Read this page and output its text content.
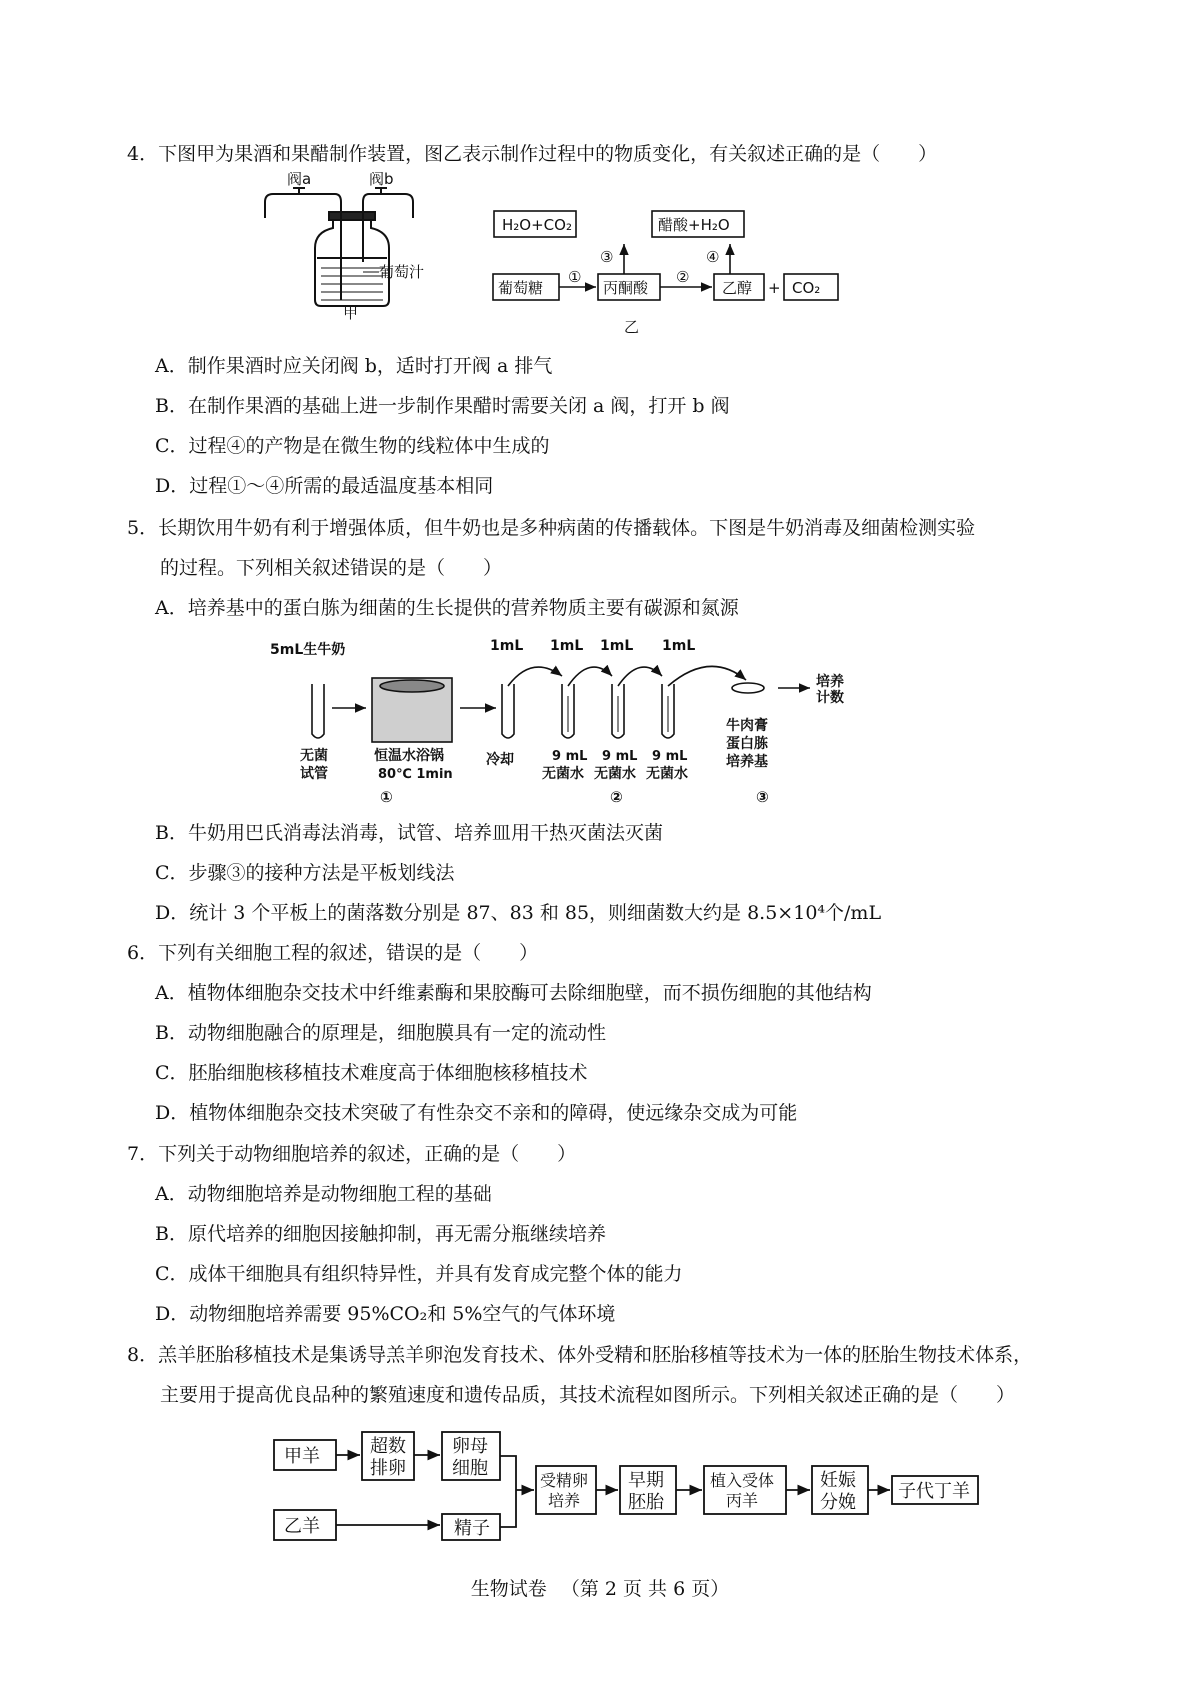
4．下图甲为果酒和果醋制作装置，图乙表示制作过程中的物质变化，有关叙述正确的是（　　）
阀a	阀b
葡萄汁
甲
H₂O+CO₂	醋酸+H₂O
葡萄糖	丙酮酸	乙醇 + CO₂
①	②
③	④
乙
A．制作果酒时应关闭阀 b，适时打开阀 a 排气
B．在制作果酒的基础上进一步制作果醋时需要关闭 a 阀，打开 b 阀
C．过程④的产物是在微生物的线粒体中生成的
D．过程①～④所需的最适温度基本相同
5．长期饮用牛奶有利于增强体质，但牛奶也是多种病菌的传播载体。下图是牛奶消毒及细菌检测实验
的过程。下列相关叙述错误的是（　　）
A．培养基中的蛋白胨为细菌的生长提供的营养物质主要有碳源和氮源
5mL生牛奶
无菌
试管
恒温水浴锅
80℃ 1min
冷却
1mL 1mL 1mL 1mL
9 mL 9 mL 9 mL
无菌水 无菌水 无菌水
牛肉膏
蛋白胨
培养基
培养
计数
①	②	③
B．牛奶用巴氏消毒法消毒，试管、培养皿用干热灭菌法灭菌
C．步骤③的接种方法是平板划线法
D．统计 3 个平板上的菌落数分别是 87、83 和 85，则细菌数大约是 8.5×10⁴个/mL
6．下列有关细胞工程的叙述，错误的是（　　）
A．植物体细胞杂交技术中纤维素酶和果胶酶可去除细胞壁，而不损伤细胞的其他结构
B．动物细胞融合的原理是，细胞膜具有一定的流动性
C．胚胎细胞核移植技术难度高于体细胞核移植技术
D．植物体细胞杂交技术突破了有性杂交不亲和的障碍，使远缘杂交成为可能
7．下列关于动物细胞培养的叙述，正确的是（　　）
A．动物细胞培养是动物细胞工程的基础
B．原代培养的细胞因接触抑制，再无需分瓶继续培养
C．成体干细胞具有组织特异性，并具有发育成完整个体的能力
D．动物细胞培养需要 95%CO₂和 5%空气的气体环境
8．羔羊胚胎移植技术是集诱导羔羊卵泡发育技术、体外受精和胚胎移植等技术为一体的胚胎生物技术体系，
主要用于提高优良品种的繁殖速度和遗传品质，其技术流程如图所示。下列相关叙述正确的是（　　）
甲羊	超数
排卵
卵母
细胞
乙羊	精子
受精卵
培养
早期
胚胎
植入受体
丙羊
妊娠
分娩
子代丁羊
生物试卷 （第 2 页 共 6 页）
